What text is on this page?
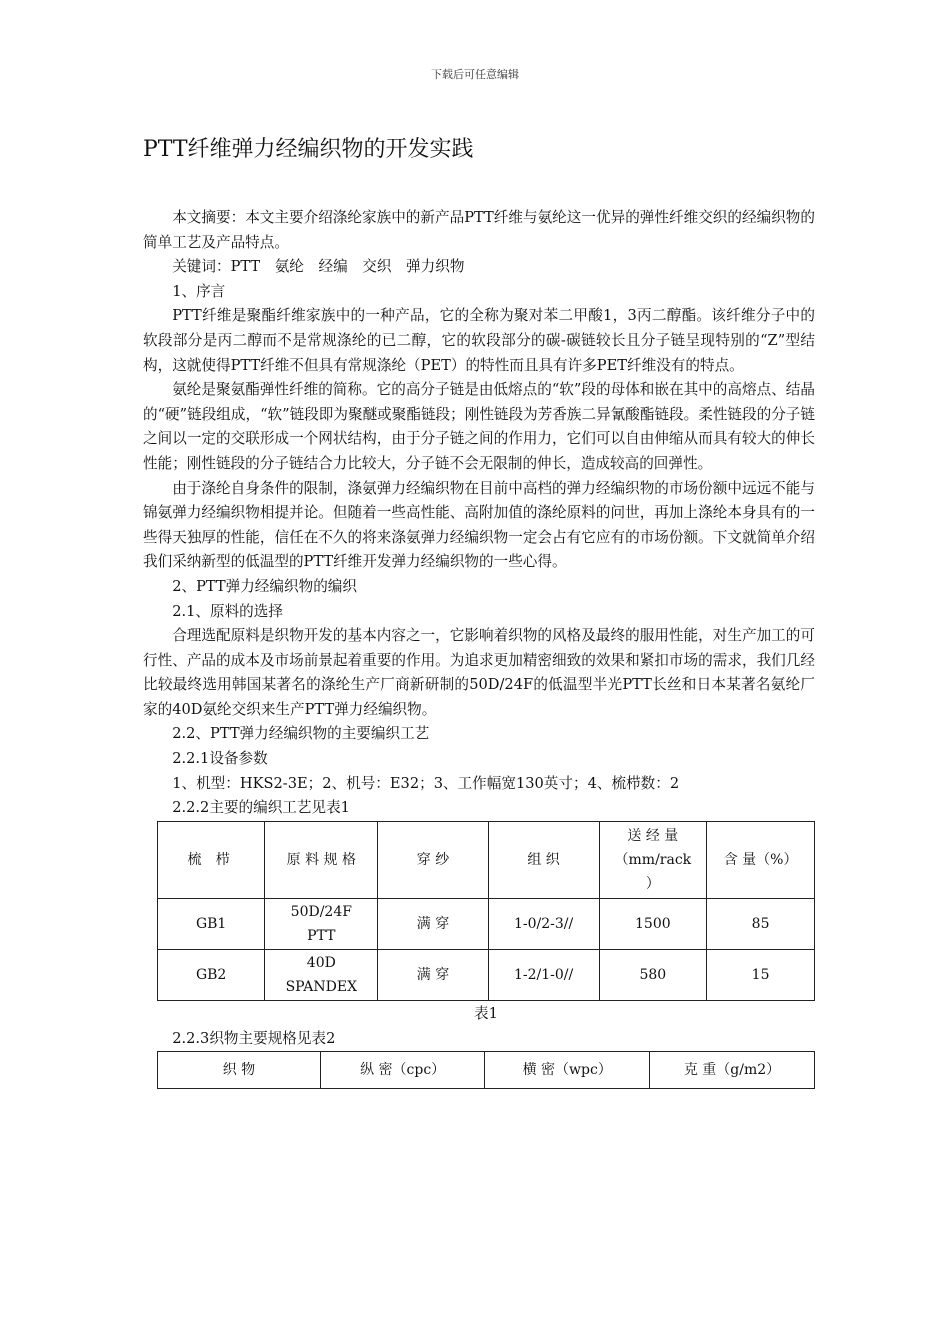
下载后可任意编辑
PTT纤维弹力经编织物的开发实践

本文摘要：本文主要介绍涤纶家族中的新产品PTT纤维与氨纶这一优异的弹性纤维交织的经编织物的简单工艺及产品特点。

关键词：PTT　氨纶　经编　交织　弹力织物

1、序言

PTT纤维是聚酯纤维家族中的一种产品，它的全称为聚对苯二甲酸1，3丙二醇酯。该纤维分子中的软段部分是丙二醇而不是常规涤纶的已二醇，它的软段部分的碳-碳链较长且分子链呈现特别的“Z”型结构，这就使得PTT纤维不但具有常规涤纶（PET）的特性而且具有许多PET纤维没有的特点。

氨纶是聚氨酯弹性纤维的简称。它的高分子链是由低熔点的“软”段的母体和嵌在其中的高熔点、结晶的“硬”链段组成，“软”链段即为聚醚或聚酯链段；刚性链段为芳香族二异氰酸酯链段。柔性链段的分子链之间以一定的交联形成一个网状结构，由于分子链之间的作用力，它们可以自由伸缩从而具有较大的伸长性能；刚性链段的分子链结合力比较大，分子链不会无限制的伸长，造成较高的回弹性。

由于涤纶自身条件的限制，涤氨弹力经编织物在目前中高档的弹力经编织物的市场份额中远远不能与锦氨弹力经编织物相提并论。但随着一些高性能、高附加值的涤纶原料的问世，再加上涤纶本身具有的一些得天独厚的性能，信任在不久的将来涤氨弹力经编织物一定会占有它应有的市场份额。下文就简单介绍我们采纳新型的低温型的PTT纤维开发弹力经编织物的一些心得。

2、PTT弹力经编织物的编织

2.1、原料的选择

合理选配原料是织物开发的基本内容之一，它影响着织物的风格及最终的服用性能，对生产加工的可行性、产品的成本及市场前景起着重要的作用。为追求更加精密细致的效果和紧扣市场的需求，我们几经比较最终选用韩国某著名的涤纶生产厂商新研制的50D/24F的低温型半光PTT长丝和日本某著名氨纶厂家的40D氨纶交织来生产PTT弹力经编织物。

2.2、PTT弹力经编织物的主要编织工艺

2.2.1设备参数

1、机型：HKS2-3E；2、机号：E32；3、工作幅宽130英寸；4、梳栉数：2

2.2.2主要的编织工艺见表1

梳 栉	原 料 规 格	穿 纱	组 织	送 经 量
（mm/rack
）	含 量（%）
GB1	50D/24F
PTT	满 穿	1-0/2-3//	1500	85
GB2	40D
SPANDEX	满 穿	1-2/1-0//	580	15
表1

2.2.3织物主要规格见表2

织 物	纵 密（cpc）	横 密（wpc）	克 重（g/m2）
